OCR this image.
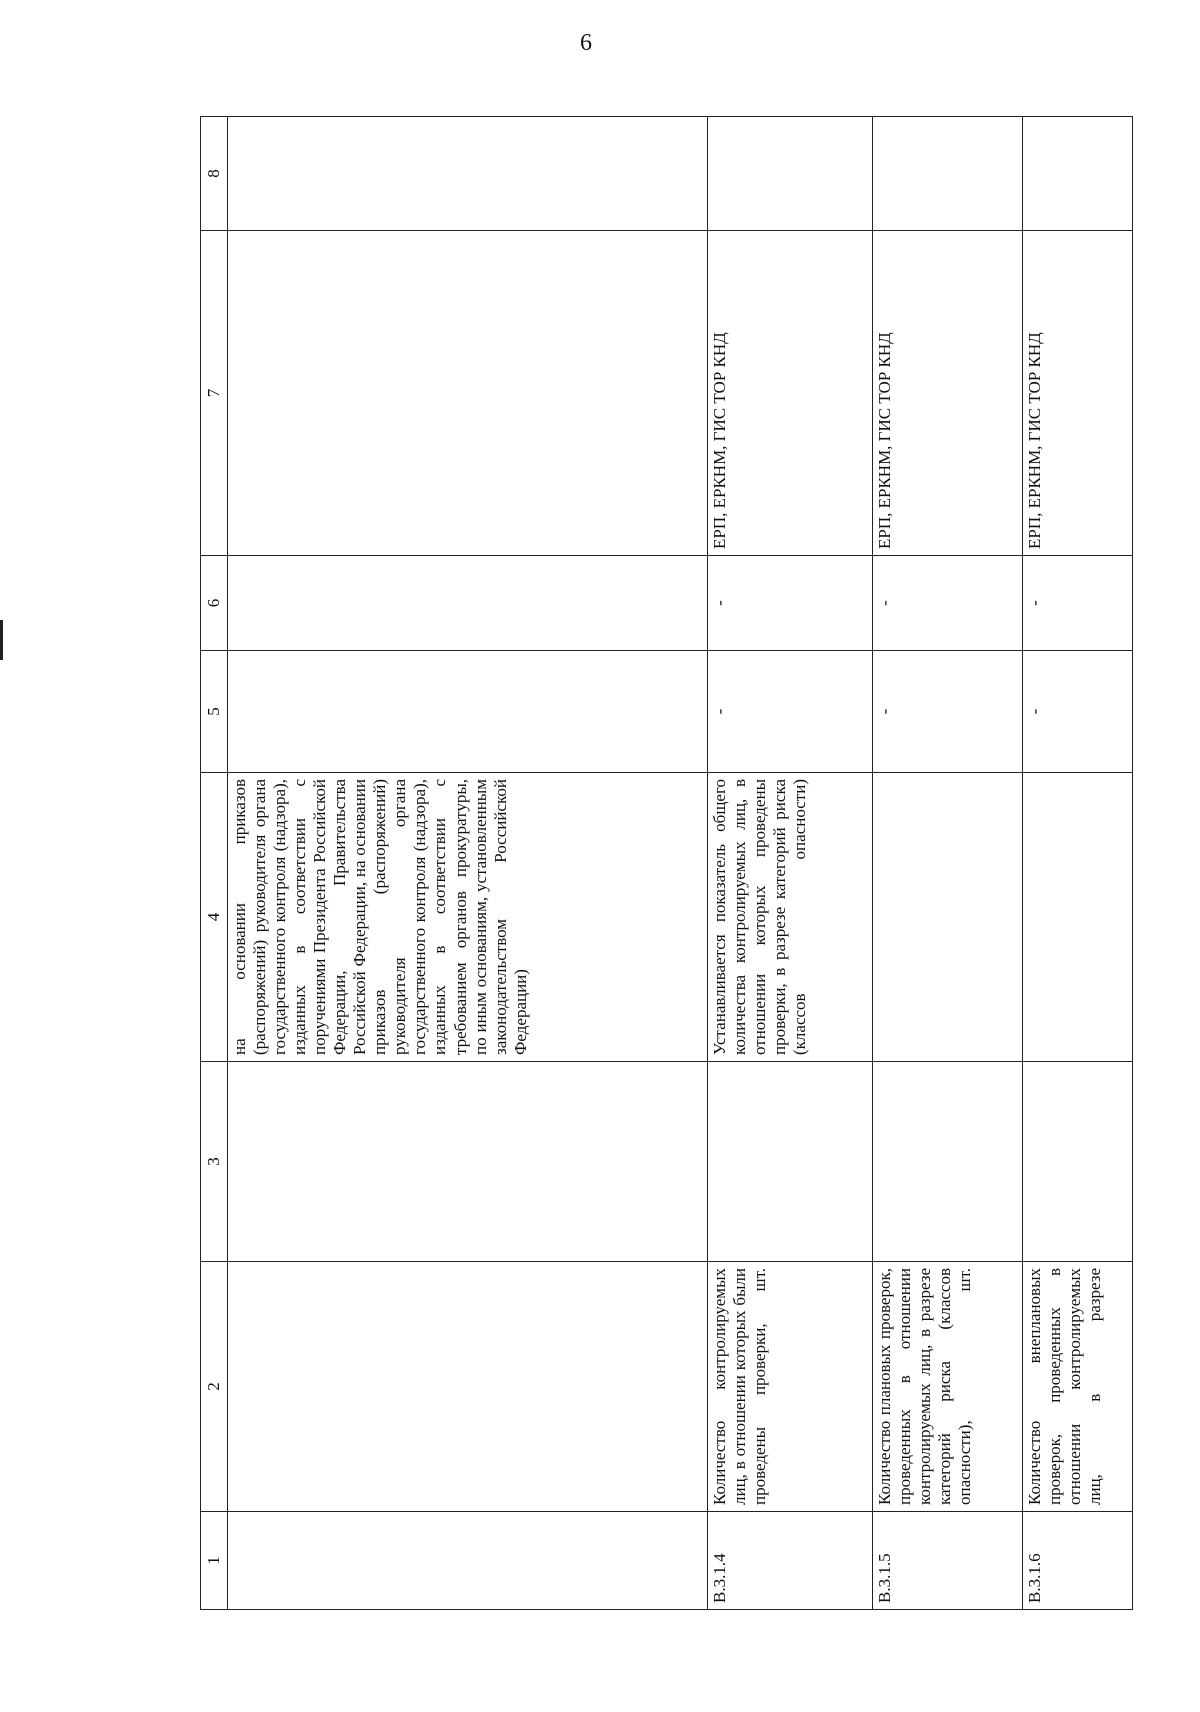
6
1	2	3	4	5	6	7	8
			на основании приказов (распоряжений) руководителя органа государственного контроля (надзора), изданных в соответствии с поручениями Президента Российской Федерации, Правительства Российской Федерации, на основании приказов (распоряжений) руководителя органа государственного контроля (надзора), изданных в соответствии с требованием органов прокуратуры, по иным основаниям, установленным законодательством Российской Федерации)				
В.3.1.4	Количество контролируемых лиц, в отношении которых были проведены проверки, шт.		Устанавливается показатель общего количества контролируемых лиц, в отношении которых проведены проверки, в разрезе категорий риска (классов опасности)	-	-	ЕРП, ЕРКНМ, ГИС ТОР КНД	
В.3.1.5	Количество плановых проверок, проведенных в отношении контролируемых лиц, в разрезе категорий риска (классов опасности), шт.			-	-	ЕРП, ЕРКНМ, ГИС ТОР КНД	
В.3.1.6	Количество внеплановых проверок, проведенных в отношении контролируемых лиц, в разрезе			-	-	ЕРП, ЕРКНМ, ГИС ТОР КНД	
